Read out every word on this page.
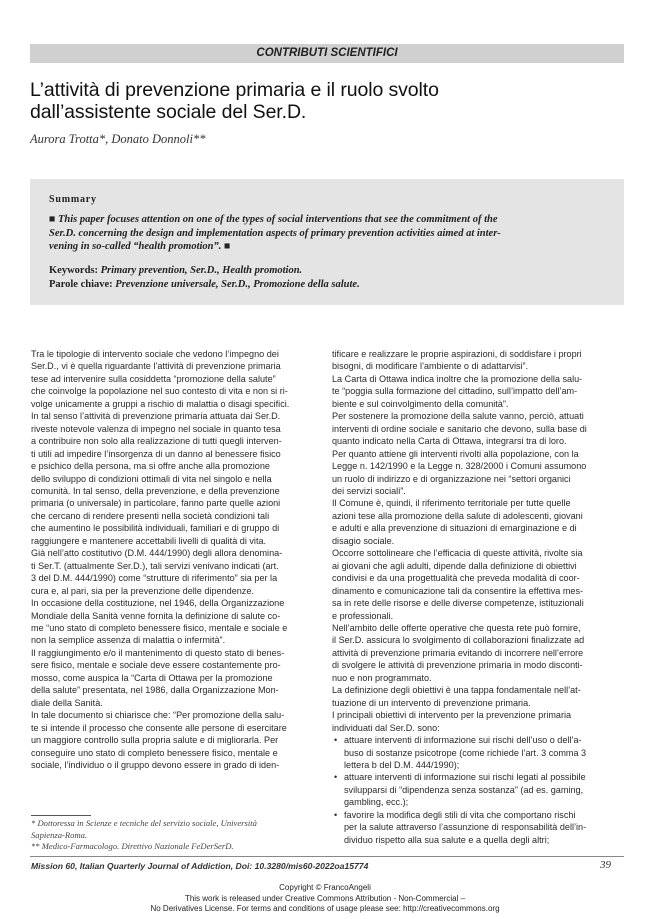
CONTRIBUTI SCIENTIFICI
L’attività di prevenzione primaria e il ruolo svolto
dall’assistente sociale del Ser.D.
Aurora Trotta*, Donato Donnoli**
Summary
■ This paper focuses attention on one of the types of social interventions that see the commitment of the
Ser.D. concerning the design and implementation aspects of primary prevention activities aimed at inter-
vening in so-called “health promotion”. ■
Keywords: Primary prevention, Ser.D., Health promotion.
Parole chiave: Prevenzione universale, Ser.D., Promozione della salute.
Tra le tipologie di intervento sociale che vedono l’impegno dei
Ser.D., vi è quella riguardante l’attività di prevenzione primaria
tese ad intervenire sulla cosiddetta “promozione della salute”
che coinvolge la popolazione nel suo contesto di vita e non si ri-
volge unicamente a gruppi a rischio di malattia o disagi specifici.
In tal senso l’attività di prevenzione primaria attuata dai Ser.D.
riveste notevole valenza di impegno nel sociale in quanto tesa
a contribuire non solo alla realizzazione di tutti quegli interven-
ti utili ad impedire l’insorgenza di un danno al benessere fisico
e psichico della persona, ma si offre anche alla promozione
dello sviluppo di condizioni ottimali di vita nel singolo e nella
comunità. In tal senso, della prevenzione, e della prevenzione
primaria (o universale) in particolare, fanno parte quelle azioni
che cercano di rendere presenti nella società condizioni tali
che aumentino le possibilità individuali, familiari e di gruppo di
raggiungere e mantenere accettabili livelli di qualità di vita.
Già nell’atto costitutivo (D.M. 444/1990) degli allora denomina-
ti Ser.T. (attualmente Ser.D.), tali servizi venivano indicati (art.
3 del D.M. 444/1990) come “strutture di riferimento” sia per la
cura e, al pari, sia per la prevenzione delle dipendenze.
In occasione della costituzione, nel 1946, della Organizzazione
Mondiale della Sanità venne fornita la definizione di salute co-
me “uno stato di completo benessere fisico, mentale e sociale e
non la semplice assenza di malattia o infermità”.
Il raggiungimento e/o il mantenimento di questo stato di benes-
sere fisico, mentale e sociale deve essere costantemente pro-
mosso, come auspica la “Carta di Ottawa per la promozione
della salute” presentata, nel 1986, dalla Organizzazione Mon-
diale della Sanità.
In tale documento si chiarisce che: “Per promozione della salu-
te si intende il processo che consente alle persone di esercitare
un maggiore controllo sulla propria salute e di migliorarla. Per
conseguire uno stato di completo benessere fisico, mentale e
sociale, l’individuo o il gruppo devono essere in grado di iden-
tificare e realizzare le proprie aspirazioni, di soddisfare i propri
bisogni, di modificare l’ambiente o di adattarvisi”.
La Carta di Ottawa indica inoltre che la promozione della salu-
te “poggia sulla formazione del cittadino, sull’impatto dell’am-
biente e sul coinvolgimento della comunità”.
Per sostenere la promozione della salute vanno, perciò, attuati
interventi di ordine sociale e sanitario che devono, sulla base di
quanto indicato nella Carta di Ottawa, integrarsi tra di loro.
Per quanto attiene gli interventi rivolti alla popolazione, con la
Legge n. 142/1990 e la Legge n. 328/2000 i Comuni assumono
un ruolo di indirizzo e di organizzazione nei “settori organici
dei servizi sociali”.
Il Comune è, quindi, il riferimento territoriale per tutte quelle
azioni tese alla promozione della salute di adolescenti, giovani
e adulti e alla prevenzione di situazioni di emarginazione e di
disagio sociale.
Occorre sottolineare che l’efficacia di queste attività, rivolte sia
ai giovani che agli adulti, dipende dalla definizione di obiettivi
condivisi e da una progettualità che preveda modalità di coor-
dinamento e comunicazione tali da consentire la effettiva mes-
sa in rete delle risorse e delle diverse competenze, istituzionali
e professionali.
Nell’ambito delle offerte operative che questa rete può fornire,
il Ser.D. assicura lo svolgimento di collaborazioni finalizzate ad
attività di prevenzione primaria evitando di incorrere nell’errore
di svolgere le attività di prevenzione primaria in modo disconti-
nuo e non programmato.
La definizione degli obiettivi è una tappa fondamentale nell’at-
tuazione di un intervento di prevenzione primaria.
I principali obiettivi di intervento per la prevenzione primaria
individuati dal Ser.D. sono:
• attuare interventi di informazione sui rischi dell’uso o dell’a-
buso di sostanze psicotrope (come richiede l’art. 3 comma 3
lettera b del D.M. 444/1990);
• attuare interventi di informazione sui rischi legati al possibile
svilupparsi di “dipendenza senza sostanza” (ad es. gaming,
gambling, ecc.);
• favorire la modifica degli stili di vita che comportano rischi
per la salute attraverso l’assunzione di responsabilità dell’in-
dividuo rispetto alla sua salute e a quella degli altri;
* Dottoressa in Scienze e tecniche del servizio sociale, Università
Sapienza-Roma.
** Medico-Farmacologo. Direttivo Nazionale FeDerSerD.
Mission 60, Italian Quarterly Journal of Addiction, Doi: 10.3280/mis60-2022oa15774	39
Copyright © FrancoAngeli
This work is released under Creative Commons Attribution - Non-Commercial –
No Derivatives License. For terms and conditions of usage please see: http://creativecommons.org
